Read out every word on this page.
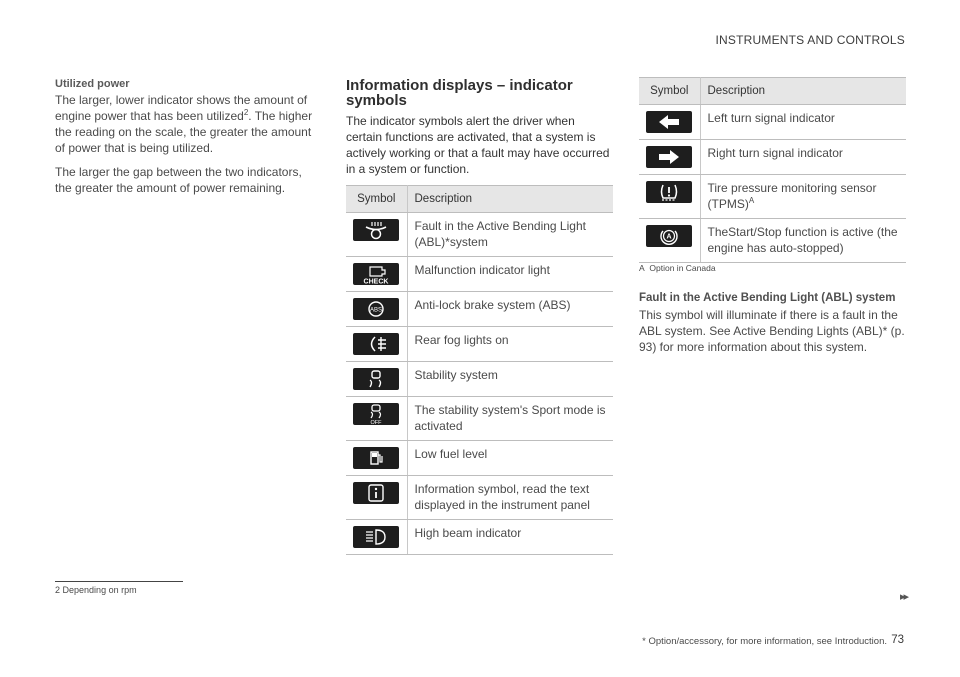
INSTRUMENTS AND CONTROLS
Utilized power
The larger, lower indicator shows the amount of engine power that has been utilized$^2$. The higher the reading on the scale, the greater the amount of power that is being utilized.
The larger the gap between the two indicators, the greater the amount of power remaining.
Information displays – indicator symbols
The indicator symbols alert the driver when certain functions are activated, that a system is actively working or that a fault may have occurred in a system or function.
Symbol	Description

	Fault in the Active Bending Light (ABL)*system

CHECK	Malfunction indicator light

ABS	Anti-lock brake system (ABS)

	Rear fog lights on

	Stability system

OFF	The stability system's Sport mode is activated

	Low fuel level

	Information symbol, read the text displayed in the instrument panel

	High beam indicator
Symbol	Description

	Left turn signal indicator

	Right turn signal indicator

	Tire pressure monitoring sensor (TPMS)$^A$

A	TheStart/Stop function is active (the engine has auto-stopped)
A Option in Canada
Fault in the Active Bending Light (ABL) system
This symbol will illuminate if there is a fault in the ABL system. See Active Bending Lights (ABL)* (p. 93) for more information about this system.
2 Depending on rpm
▸▸
* Option/accessory, for more information, see Introduction. 73
